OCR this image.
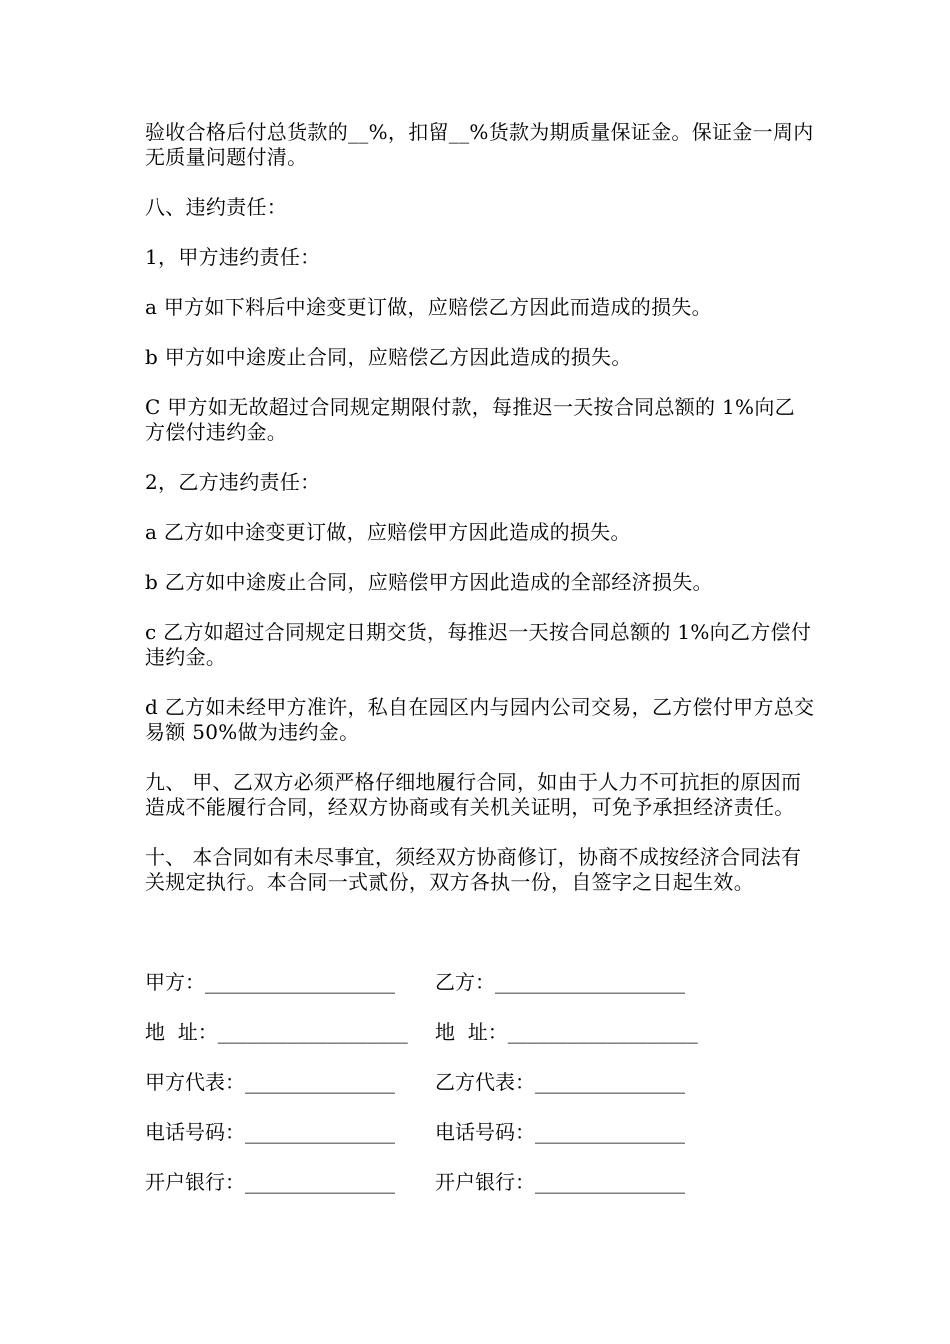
验收合格后付总货款的__%，扣留__%货款为期质量保证金。保证金一周内无质量问题付清。

八、违约责任：

1，甲方违约责任：

a 甲方如下料后中途变更订做，应赔偿乙方因此而造成的损失。

b 甲方如中途废止合同，应赔偿乙方因此造成的损失。

C 甲方如无故超过合同规定期限付款，每推迟一天按合同总额的 1%向乙方偿付违约金。

2，乙方违约责任：

a 乙方如中途变更订做，应赔偿甲方因此造成的损失。

b 乙方如中途废止合同，应赔偿甲方因此造成的全部经济损失。

c 乙方如超过合同规定日期交货，每推迟一天按合同总额的 1%向乙方偿付违约金。

d 乙方如未经甲方准许，私自在园区内与园内公司交易，乙方偿付甲方总交易额 50%做为违约金。

九、 甲、乙双方必须严格仔细地履行合同，如由于人力不可抗拒的原因而造成不能履行合同，经双方协商或有关机关证明，可免予承担经济责任。

十、 本合同如有未尽事宜，须经双方协商修订，协商不成按经济合同法有关规定执行。本合同一式贰份，双方各执一份，自签字之日起生效。

甲方：___________________

乙方：___________________

地  址：___________________

地  址：___________________

甲方代表：_______________

乙方代表：_______________

电话号码：_______________

电话号码：_______________

开户银行：_______________

开户银行：_______________
